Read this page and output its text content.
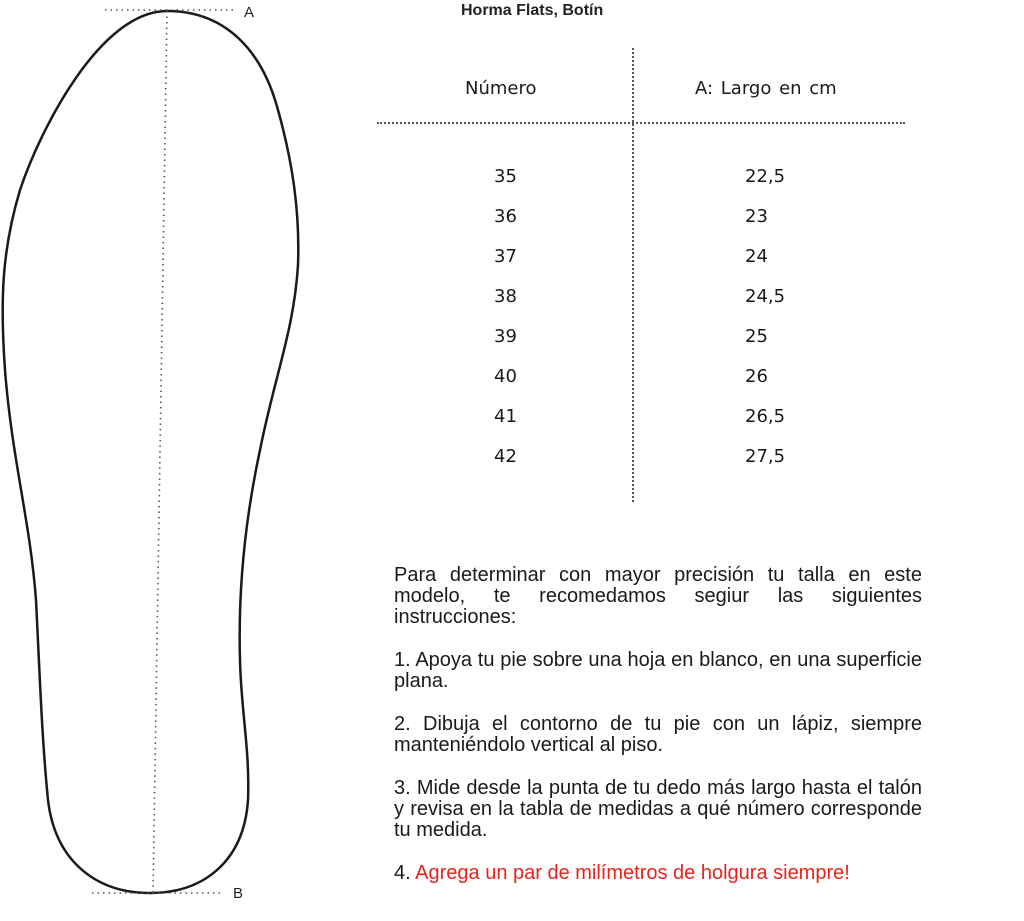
A
B
Horma Flats, Botín
Número	A: Largo en cm
35	22,5
36	23
37	24
38	24,5
39	25
40	26
41	26,5
42	27,5

Para determinar con mayor precisión tu talla en este modelo, te recomedamos segiur las siguientes instrucciones:

1. Apoya tu pie sobre una hoja en blanco, en una superficie plana.

2. Dibuja el contorno de tu pie con un lápiz, siempre manteniéndolo vertical al piso.

3. Mide desde la punta de tu dedo más largo hasta el talón y revisa en la tabla de medidas a qué número corresponde tu medida.

4. Agrega un par de milímetros de holgura siempre!
